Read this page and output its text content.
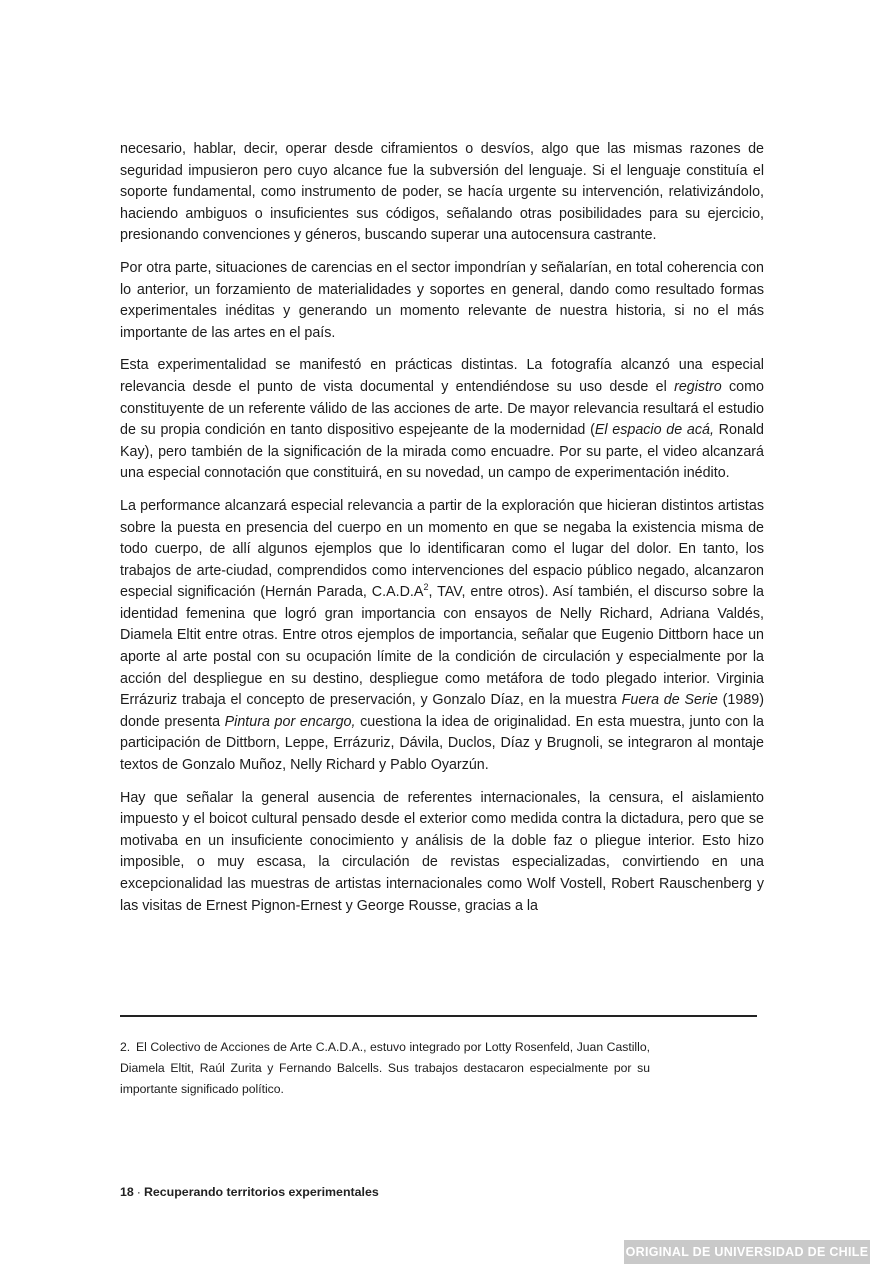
necesario, hablar, decir, operar desde ciframientos o desvíos, algo que las mismas razones de seguridad impusieron pero cuyo alcance fue la subversión del lenguaje. Si el lenguaje constituía el soporte fundamental, como instrumento de poder, se hacía urgente su intervención, relativizándolo, haciendo ambiguos o insuficientes sus códigos, señalando otras posibilidades para su ejercicio, presionando convenciones y géneros, buscando superar una autocensura castrante.

Por otra parte, situaciones de carencias en el sector impondrían y señalarían, en total coherencia con lo anterior, un forzamiento de materialidades y soportes en general, dando como resultado formas experimentales inéditas y generando un momento relevante de nuestra historia, si no el más importante de las artes en el país.

Esta experimentalidad se manifestó en prácticas distintas. La fotografía alcanzó una especial relevancia desde el punto de vista documental y entendiéndose su uso desde el registro como constituyente de un referente válido de las acciones de arte. De mayor relevancia resultará el estudio de su propia condición en tanto dispositivo espejeante de la modernidad (El espacio de acá, Ronald Kay), pero también de la significación de la mirada como encuadre. Por su parte, el video alcanzará una especial connotación que constituirá, en su novedad, un campo de experimentación inédito.

La performance alcanzará especial relevancia a partir de la exploración que hicieran distintos artistas sobre la puesta en presencia del cuerpo en un momento en que se negaba la existencia misma de todo cuerpo, de allí algunos ejemplos que lo identificaran como el lugar del dolor. En tanto, los trabajos de arte-ciudad, comprendidos como intervenciones del espacio público negado, alcanzaron especial significación (Hernán Parada, $C.A.D.A^2$, TAV, entre otros). Así también, el discurso sobre la identidad femenina que logró gran importancia con ensayos de Nelly Richard, Adriana Valdés, Diamela Eltit entre otras. Entre otros ejemplos de importancia, señalar que Eugenio Dittborn hace un aporte al arte postal con su ocupación límite de la condición de circulación y especialmente por la acción del despliegue en su destino, despliegue como metáfora de todo plegado interior. Virginia Errázuriz trabaja el concepto de preservación, y Gonzalo Díaz, en la muestra Fuera de Serie (1989) donde presenta Pintura por encargo, cuestiona la idea de originalidad. En esta muestra, junto con la participación de Dittborn, Leppe, Errázuriz, Dávila, Duclos, Díaz y Brugnoli, se integraron al montaje textos de Gonzalo Muñoz, Nelly Richard y Pablo Oyarzún.

Hay que señalar la general ausencia de referentes internacionales, la censura, el aislamiento impuesto y el boicot cultural pensado desde el exterior como medida contra la dictadura, pero que se motivaba en un insuficiente conocimiento y análisis de la doble faz o pliegue interior. Esto hizo imposible, o muy escasa, la circulación de revistas especializadas, convirtiendo en una excepcionalidad las muestras de artistas internacionales como Wolf Vostell, Robert Rauschenberg y las visitas de Ernest Pignon-Ernest y George Rousse, gracias a la

2. El Colectivo de Acciones de Arte C.A.D.A., estuvo integrado por Lotty Rosenfeld, Juan Castillo, Diamela Eltit, Raúl Zurita y Fernando Balcells. Sus trabajos destacaron especialmente por su importante significado político.
18 · Recuperando territorios experimentales
ORIGINAL DE UNIVERSIDAD DE CHILE
